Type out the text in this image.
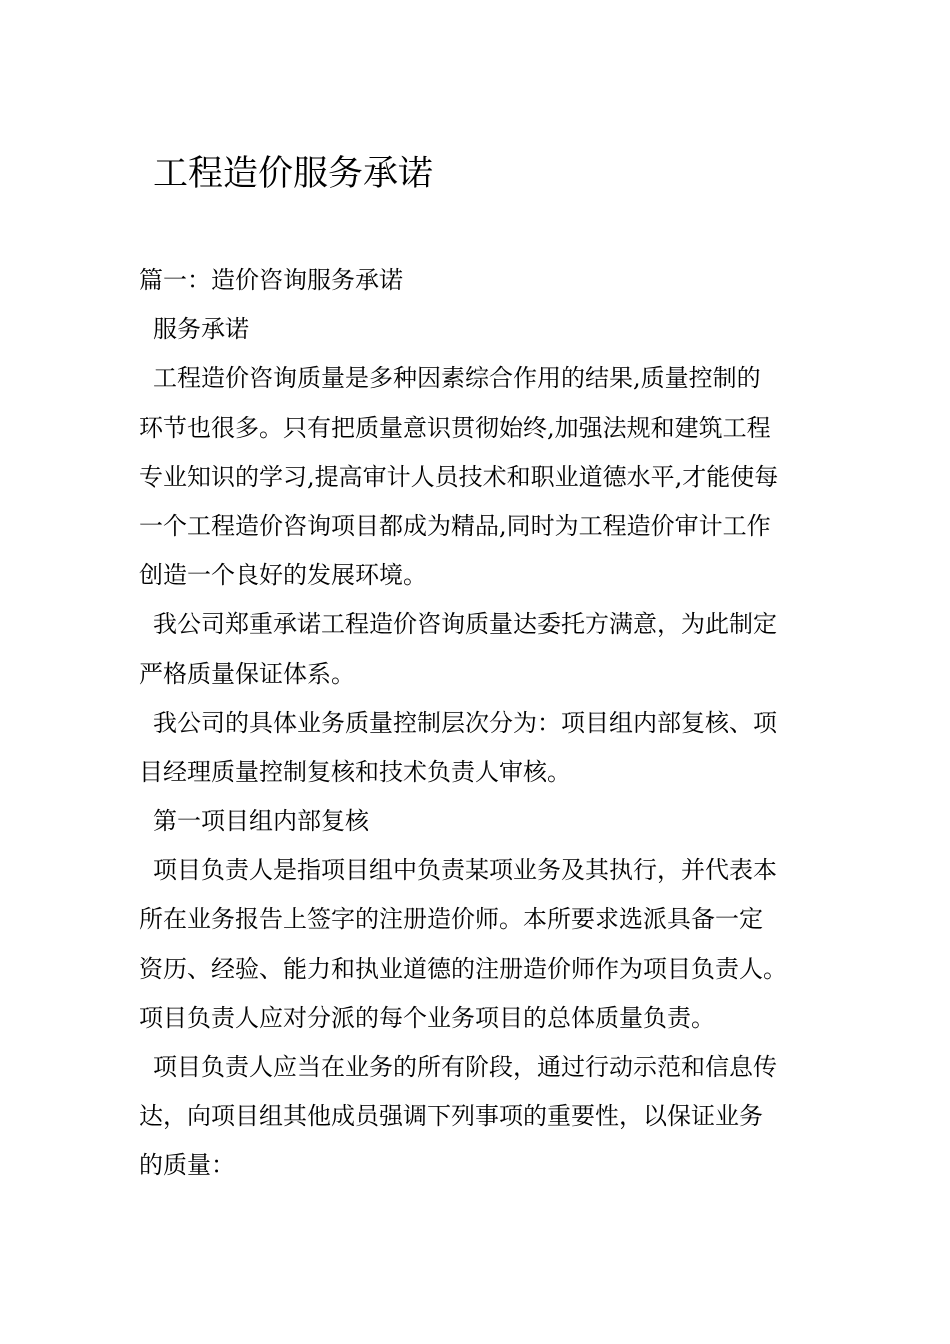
工程造价服务承诺
篇一：造价咨询服务承诺
服务承诺
工程造价咨询质量是多种因素综合作用的结果,质量控制的
环节也很多。只有把质量意识贯彻始终,加强法规和建筑工程
专业知识的学习,提高审计人员技术和职业道德水平,才能使每
一个工程造价咨询项目都成为精品,同时为工程造价审计工作
创造一个良好的发展环境。
我公司郑重承诺工程造价咨询质量达委托方满意，为此制定
严格质量保证体系。
我公司的具体业务质量控制层次分为：项目组内部复核、项
目经理质量控制复核和技术负责人审核。
第一项目组内部复核
项目负责人是指项目组中负责某项业务及其执行，并代表本
所在业务报告上签字的注册造价师。本所要求选派具备一定
资历、经验、能力和执业道德的注册造价师作为项目负责人。
项目负责人应对分派的每个业务项目的总体质量负责。
项目负责人应当在业务的所有阶段，通过行动示范和信息传
达，向项目组其他成员强调下列事项的重要性，以保证业务
的质量：
